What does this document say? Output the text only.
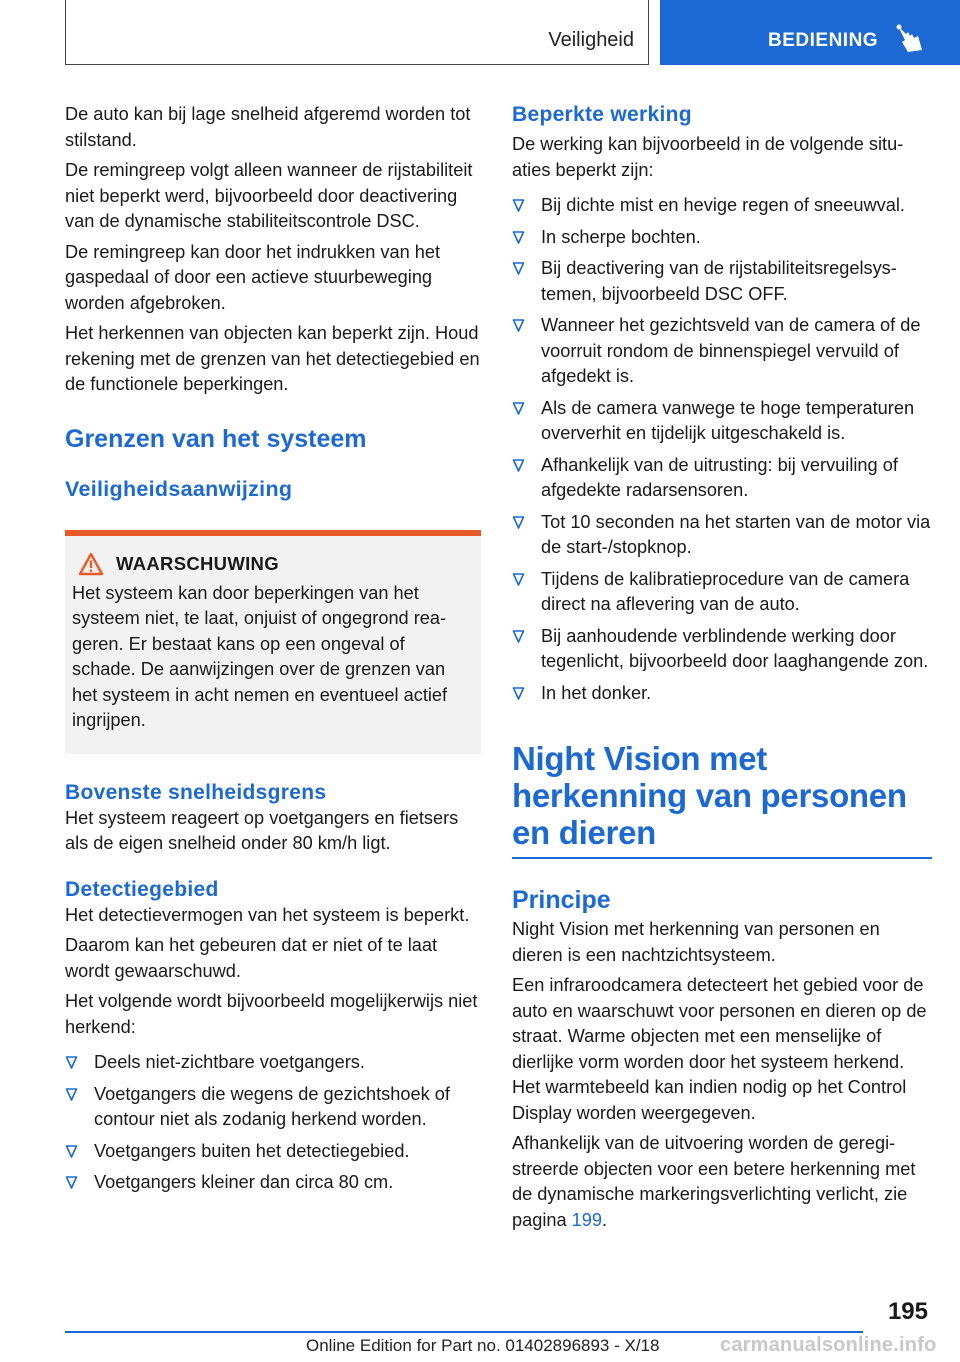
Veiligheid	BEDIENING

De auto kan bij lage snelheid afgeremd worden tot stilstand.

De remingreep volgt alleen wanneer de rijstabiliteit niet beperkt werd, bijvoorbeeld door deactivering van de dynamische stabiliteitscontrole DSC.

De remingreep kan door het indrukken van het gaspedaal of door een actieve stuurbeweging worden afgebroken.

Het herkennen van objecten kan beperkt zijn. Houd rekening met de grenzen van het detectiegebied en de functionele beperkingen.

Grenzen van het systeem
Veiligheidsaanwijzing
WAARSCHUWING

Het systeem kan door beperkingen van het systeem niet, te laat, onjuist of ongegrond reageren. Er bestaat kans op een ongeval of schade. De aanwijzingen over de grenzen van het systeem in acht nemen en eventueel actief ingrijpen.

Bovenste snelheidsgrens

Het systeem reageert op voetgangers en fietsers als de eigen snelheid onder 80 km/h ligt.

Detectiegebied

Het detectievermogen van het systeem is beperkt.

Daarom kan het gebeuren dat er niet of te laat wordt gewaarschuwd.

Het volgende wordt bijvoorbeeld mogelijkerwijs niet herkend:

Deels niet-zichtbare voetgangers.
Voetgangers die wegens de gezichtshoek of contour niet als zodanig herkend worden.
Voetgangers buiten het detectiegebied.
Voetgangers kleiner dan circa 80 cm.
Beperkte werking

De werking kan bijvoorbeeld in de volgende situaties beperkt zijn:

Bij dichte mist en hevige regen of sneeuwval.
In scherpe bochten.
Bij deactivering van de rijstabiliteitsregelsystemen, bijvoorbeeld DSC OFF.
Wanneer het gezichtsveld van de camera of de voorruit rondom de binnenspiegel vervuild of afgedekt is.
Als de camera vanwege te hoge temperaturen oververhit en tijdelijk uitgeschakeld is.
Afhankelijk van de uitrusting: bij vervuiling of afgedekte radarsensoren.
Tot 10 seconden na het starten van de motor via de start-/stopknop.
Tijdens de kalibratieprocedure van de camera direct na aflevering van de auto.
Bij aanhoudende verblindende werking door tegenlicht, bijvoorbeeld door laaghangende zon.
In het donker.
Night Vision met herkenning van personen en dieren
Principe

Night Vision met herkenning van personen en dieren is een nachtzichtsysteem.

Een infraroodcamera detecteert het gebied voor de auto en waarschuwt voor personen en dieren op de straat. Warme objecten met een menselijke of dierlijke vorm worden door het systeem herkend. Het warmtebeeld kan indien nodig op het Control Display worden weergegeven.

Afhankelijk van de uitvoering worden de geregistreerde objecten voor een betere herkenning met de dynamische markeringsverlichting verlicht, zie pagina 199.

195
Online Edition for Part no. 01402896893 - X/18	carmanualsonline.info
